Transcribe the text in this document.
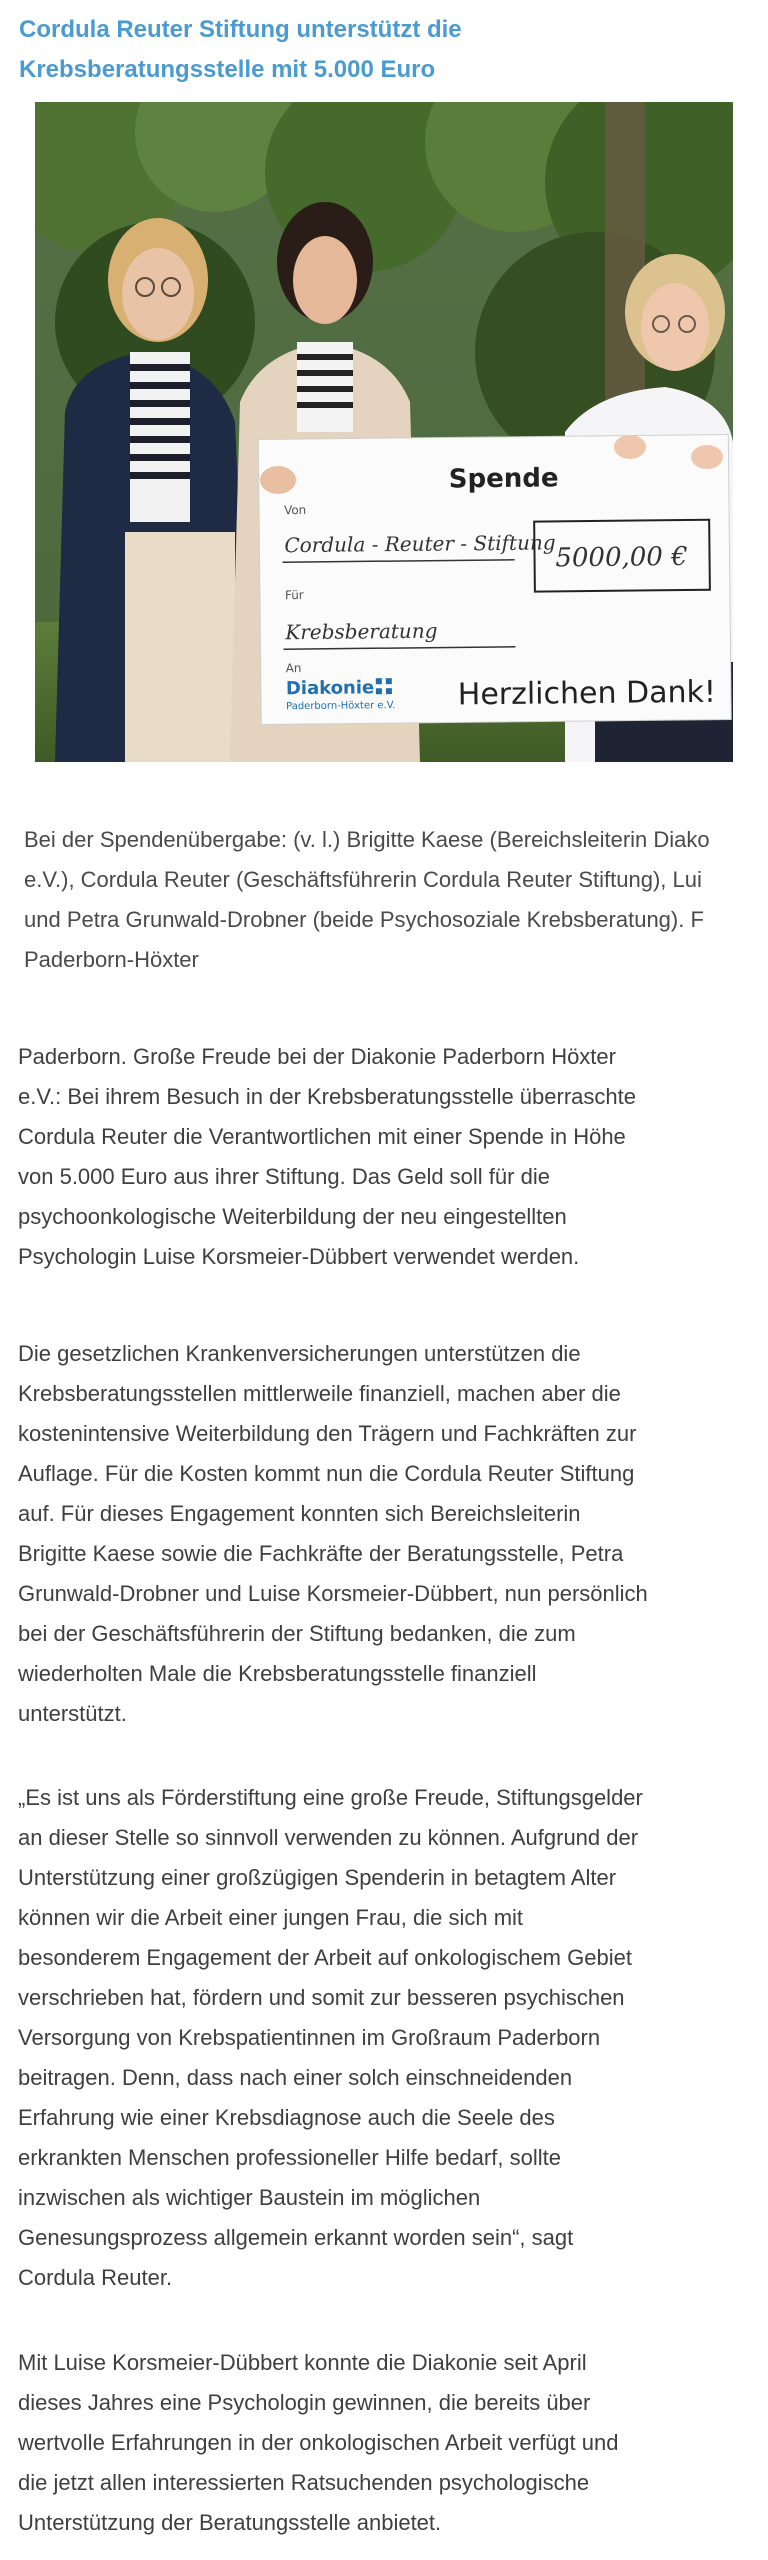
Cordula Reuter Stiftung unterstützt die
Krebsberatungsstelle mit 5.000 Euro
Spende
Von
Cordula - Reuter - Stiftung 5000,00 €
Für
Krebsberatung
An
Diakonie
Paderborn-Höxter e.V. Herzlichen Dank!
Bei der Spendenübergabe: (v. l.) Brigitte Kaese (Bereichsleiterin Diako
e.V.), Cordula Reuter (Geschäftsführerin Cordula Reuter Stiftung), Lui
und Petra Grunwald-Drobner (beide Psychosoziale Krebsberatung). F
Paderborn-Höxter
Paderborn. Große Freude bei der Diakonie Paderborn Höxter
e.V.: Bei ihrem Besuch in der Krebsberatungsstelle überraschte
Cordula Reuter die Verantwortlichen mit einer Spende in Höhe
von 5.000 Euro aus ihrer Stiftung. Das Geld soll für die
psychoonkologische Weiterbildung der neu eingestellten
Psychologin Luise Korsmeier-Dübbert verwendet werden.
Die gesetzlichen Krankenversicherungen unterstützen die
Krebsberatungsstellen mittlerweile finanziell, machen aber die
kostenintensive Weiterbildung den Trägern und Fachkräften zur
Auflage. Für die Kosten kommt nun die Cordula Reuter Stiftung
auf. Für dieses Engagement konnten sich Bereichsleiterin
Brigitte Kaese sowie die Fachkräfte der Beratungsstelle, Petra
Grunwald-Drobner und Luise Korsmeier-Dübbert, nun persönlich
bei der Geschäftsführerin der Stiftung bedanken, die zum
wiederholten Male die Krebsberatungsstelle finanziell
unterstützt.
„Es ist uns als Förderstiftung eine große Freude, Stiftungsgelder
an dieser Stelle so sinnvoll verwenden zu können. Aufgrund der
Unterstützung einer großzügigen Spenderin in betagtem Alter
können wir die Arbeit einer jungen Frau, die sich mit
besonderem Engagement der Arbeit auf onkologischem Gebiet
verschrieben hat, fördern und somit zur besseren psychischen
Versorgung von Krebspatientinnen im Großraum Paderborn
beitragen. Denn, dass nach einer solch einschneidenden
Erfahrung wie einer Krebsdiagnose auch die Seele des
erkrankten Menschen professioneller Hilfe bedarf, sollte
inzwischen als wichtiger Baustein im möglichen
Genesungsprozess allgemein erkannt worden sein“, sagt
Cordula Reuter.
Mit Luise Korsmeier-Dübbert konnte die Diakonie seit April
dieses Jahres eine Psychologin gewinnen, die bereits über
wertvolle Erfahrungen in der onkologischen Arbeit verfügt und
die jetzt allen interessierten Ratsuchenden psychologische
Unterstützung der Beratungsstelle anbietet.
